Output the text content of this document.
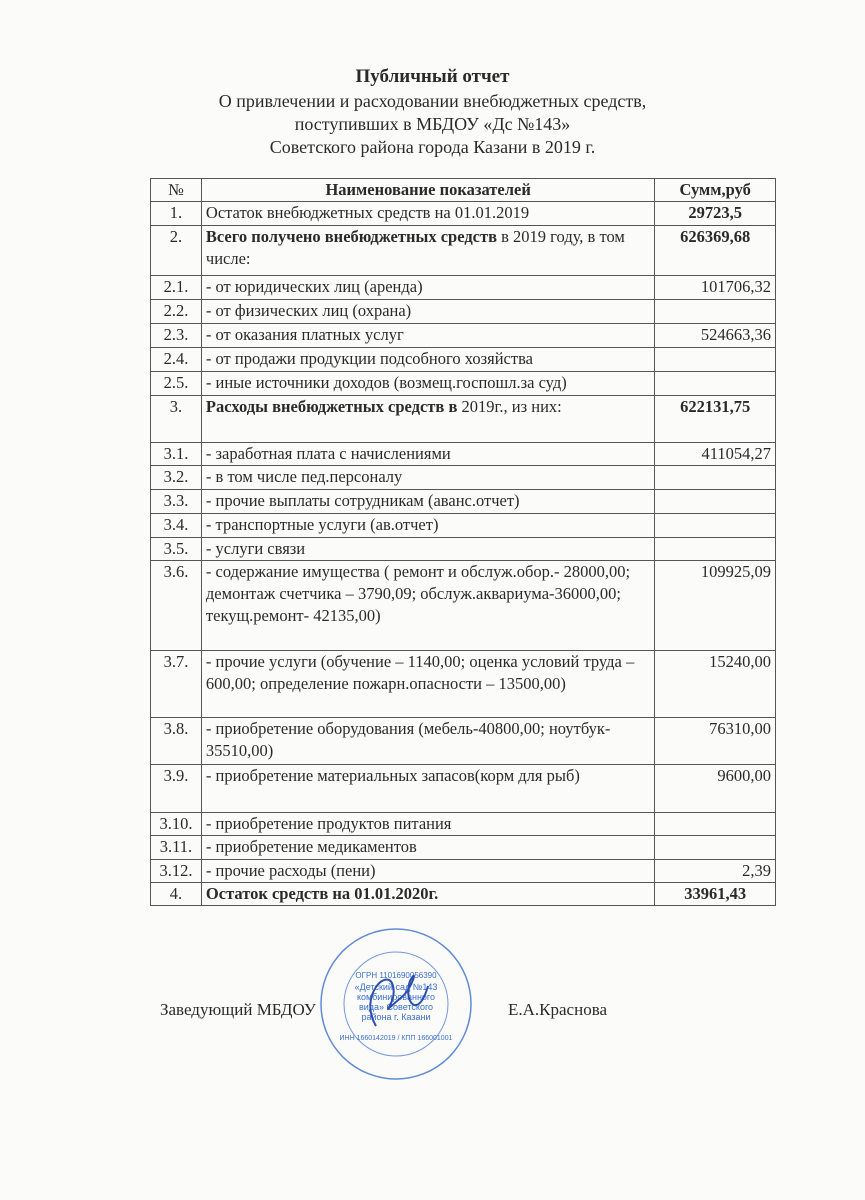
Публичный отчет
О привлечении и расходовании внебюджетных средств,
поступивших в МБДОУ «Дс №143»
Советского района города Казани в 2019 г.
№	Наименование показателей	Сумм,руб
1.	Остаток внебюджетных средств на 01.01.2019	29723,5
2.	Всего получено внебюджетных средств в 2019 году, в том числе:	626369,68
2.1.	- от юридических лиц (аренда)	101706,32
2.2.	- от физических лиц (охрана)	
2.3.	- от оказания платных услуг	524663,36
2.4.	- от продажи продукции подсобного хозяйства	
2.5.	- иные источники доходов (возмещ.госпошл.за суд)	
3.	Расходы внебюджетных средств в 2019г., из них:	622131,75
3.1.	- заработная плата с начислениями	411054,27
3.2.	- в том числе пед.персоналу	
3.3.	- прочие выплаты сотрудникам (аванс.отчет)	
3.4.	- транспортные услуги (ав.отчет)	
3.5.	- услуги связи	
3.6.	- содержание имущества ( ремонт и обслуж.обор.- 28000,00; демонтаж счетчика – 3790,09; обслуж.аквариума-36000,00; текущ.ремонт- 42135,00)	109925,09
3.7.	- прочие услуги (обучение – 1140,00; оценка условий труда – 600,00; определение пожарн.опасности – 13500,00)	15240,00
3.8.	- приобретение оборудования (мебель-40800,00; ноутбук- 35510,00)	76310,00
3.9.	- приобретение материальных запасов(корм для рыб)	9600,00
3.10.	- приобретение продуктов питания	
3.11.	- приобретение медикаментов	
3.12.	- прочие расходы (пени)	2,39
4.	Остаток средств на 01.01.2020г.	33961,43
Заведующий МБДОУ	Е.А.Краснова
ОГРН 1101690056390
«Детский сад №143 комбинированного вида» Советского района г. Казани
ИНН 1660142019 / КПП 166001001
